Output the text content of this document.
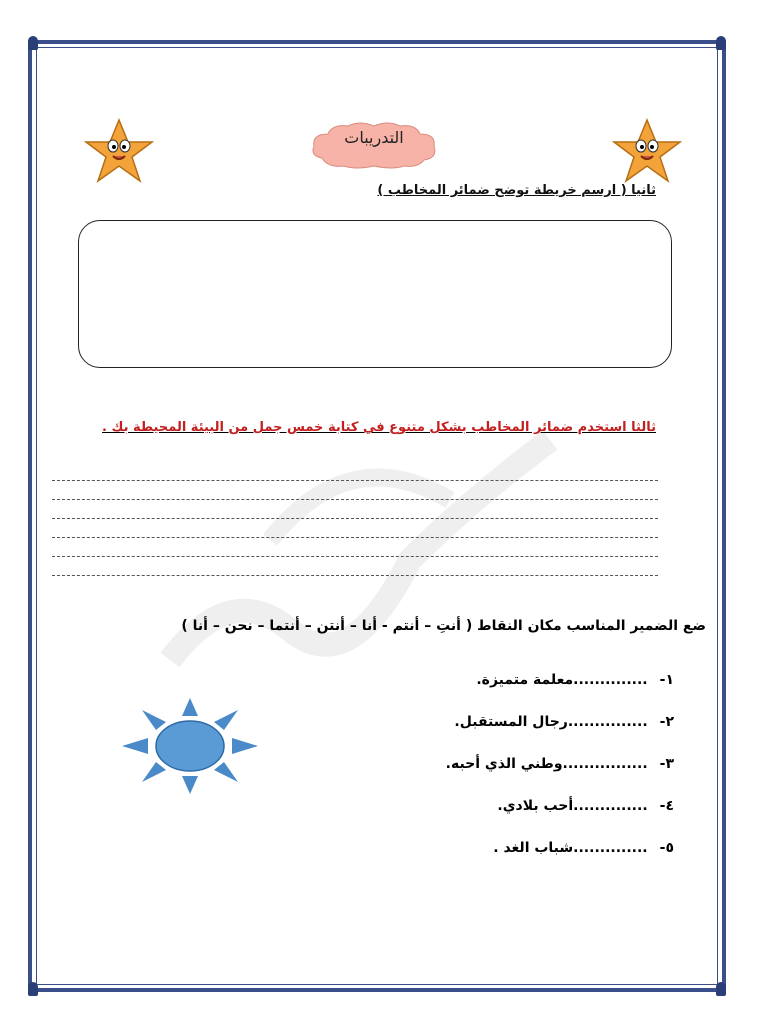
التدريبات
ثانيا ( ارسم خريطة توضح ضمائر المخاطب )
ثالثا استخدم ضمائر المخاطب بشكل متنوع في كتابة خمس جمل من البيئة المحيطة بك .
ضع الضمير المناسب مكان النقاط ( أنتِ – أنتم - أنا – أنتن – أنتما – نحن – أنا )
١-
..............معلمة متميزة.
٢-
...............رجال المستقبل.
٣-
................وطني الذي أحبه.
٤-
..............أحب بلادي.
٥-
..............شباب الغد .
